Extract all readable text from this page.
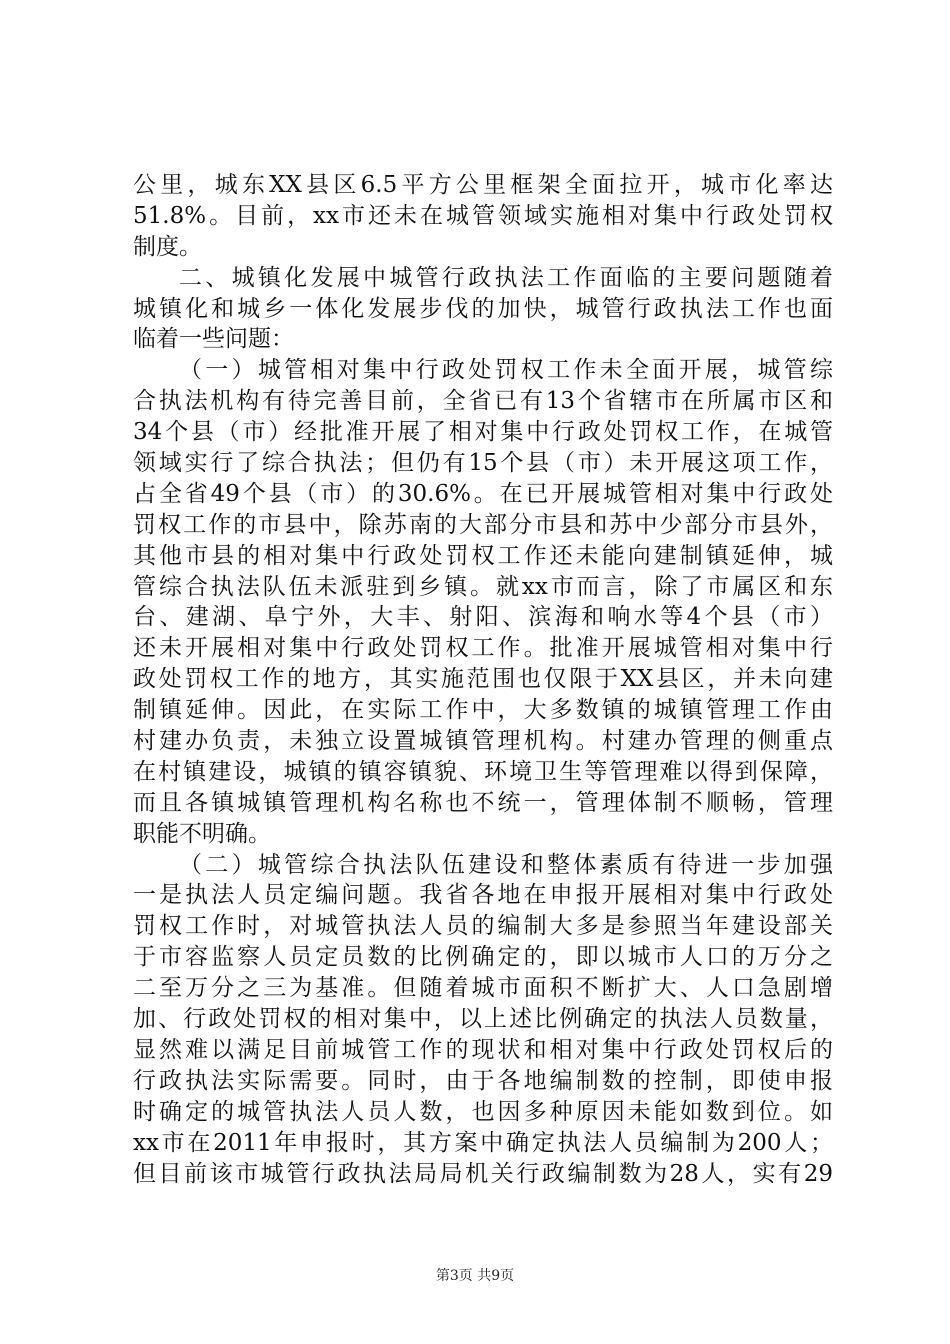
公里，城东XX县区6.5平方公里框架全面拉开，城市化率达
51.8%。目前，xx市还未在城管领域实施相对集中行政处罚权
制度。
二、城镇化发展中城管行政执法工作面临的主要问题随着
城镇化和城乡一体化发展步伐的加快，城管行政执法工作也面
临着一些问题：
（一）城管相对集中行政处罚权工作未全面开展，城管综
合执法机构有待完善目前，全省已有13个省辖市在所属市区和
34个县（市）经批准开展了相对集中行政处罚权工作，在城管
领域实行了综合执法；但仍有15个县（市）未开展这项工作，
占全省49个县（市）的30.6%。在已开展城管相对集中行政处
罚权工作的市县中，除苏南的大部分市县和苏中少部分市县外，
其他市县的相对集中行政处罚权工作还未能向建制镇延伸，城
管综合执法队伍未派驻到乡镇。就xx市而言，除了市属区和东
台、建湖、阜宁外，大丰、射阳、滨海和响水等4个县（市）
还未开展相对集中行政处罚权工作。批准开展城管相对集中行
政处罚权工作的地方，其实施范围也仅限于XX县区，并未向建
制镇延伸。因此，在实际工作中，大多数镇的城镇管理工作由
村建办负责，未独立设置城镇管理机构。村建办管理的侧重点
在村镇建设，城镇的镇容镇貌、环境卫生等管理难以得到保障，
而且各镇城镇管理机构名称也不统一，管理体制不顺畅，管理
职能不明确。
（二）城管综合执法队伍建设和整体素质有待进一步加强
一是执法人员定编问题。我省各地在申报开展相对集中行政处
罚权工作时，对城管执法人员的编制大多是参照当年建设部关
于市容监察人员定员数的比例确定的，即以城市人口的万分之
二至万分之三为基准。但随着城市面积不断扩大、人口急剧增
加、行政处罚权的相对集中，以上述比例确定的执法人员数量，
显然难以满足目前城管工作的现状和相对集中行政处罚权后的
行政执法实际需要。同时，由于各地编制数的控制，即使申报
时确定的城管执法人员人数，也因多种原因未能如数到位。如
xx市在2011年申报时，其方案中确定执法人员编制为200人；
但目前该市城管行政执法局局机关行政编制数为28人，实有29
第3页 共9页
